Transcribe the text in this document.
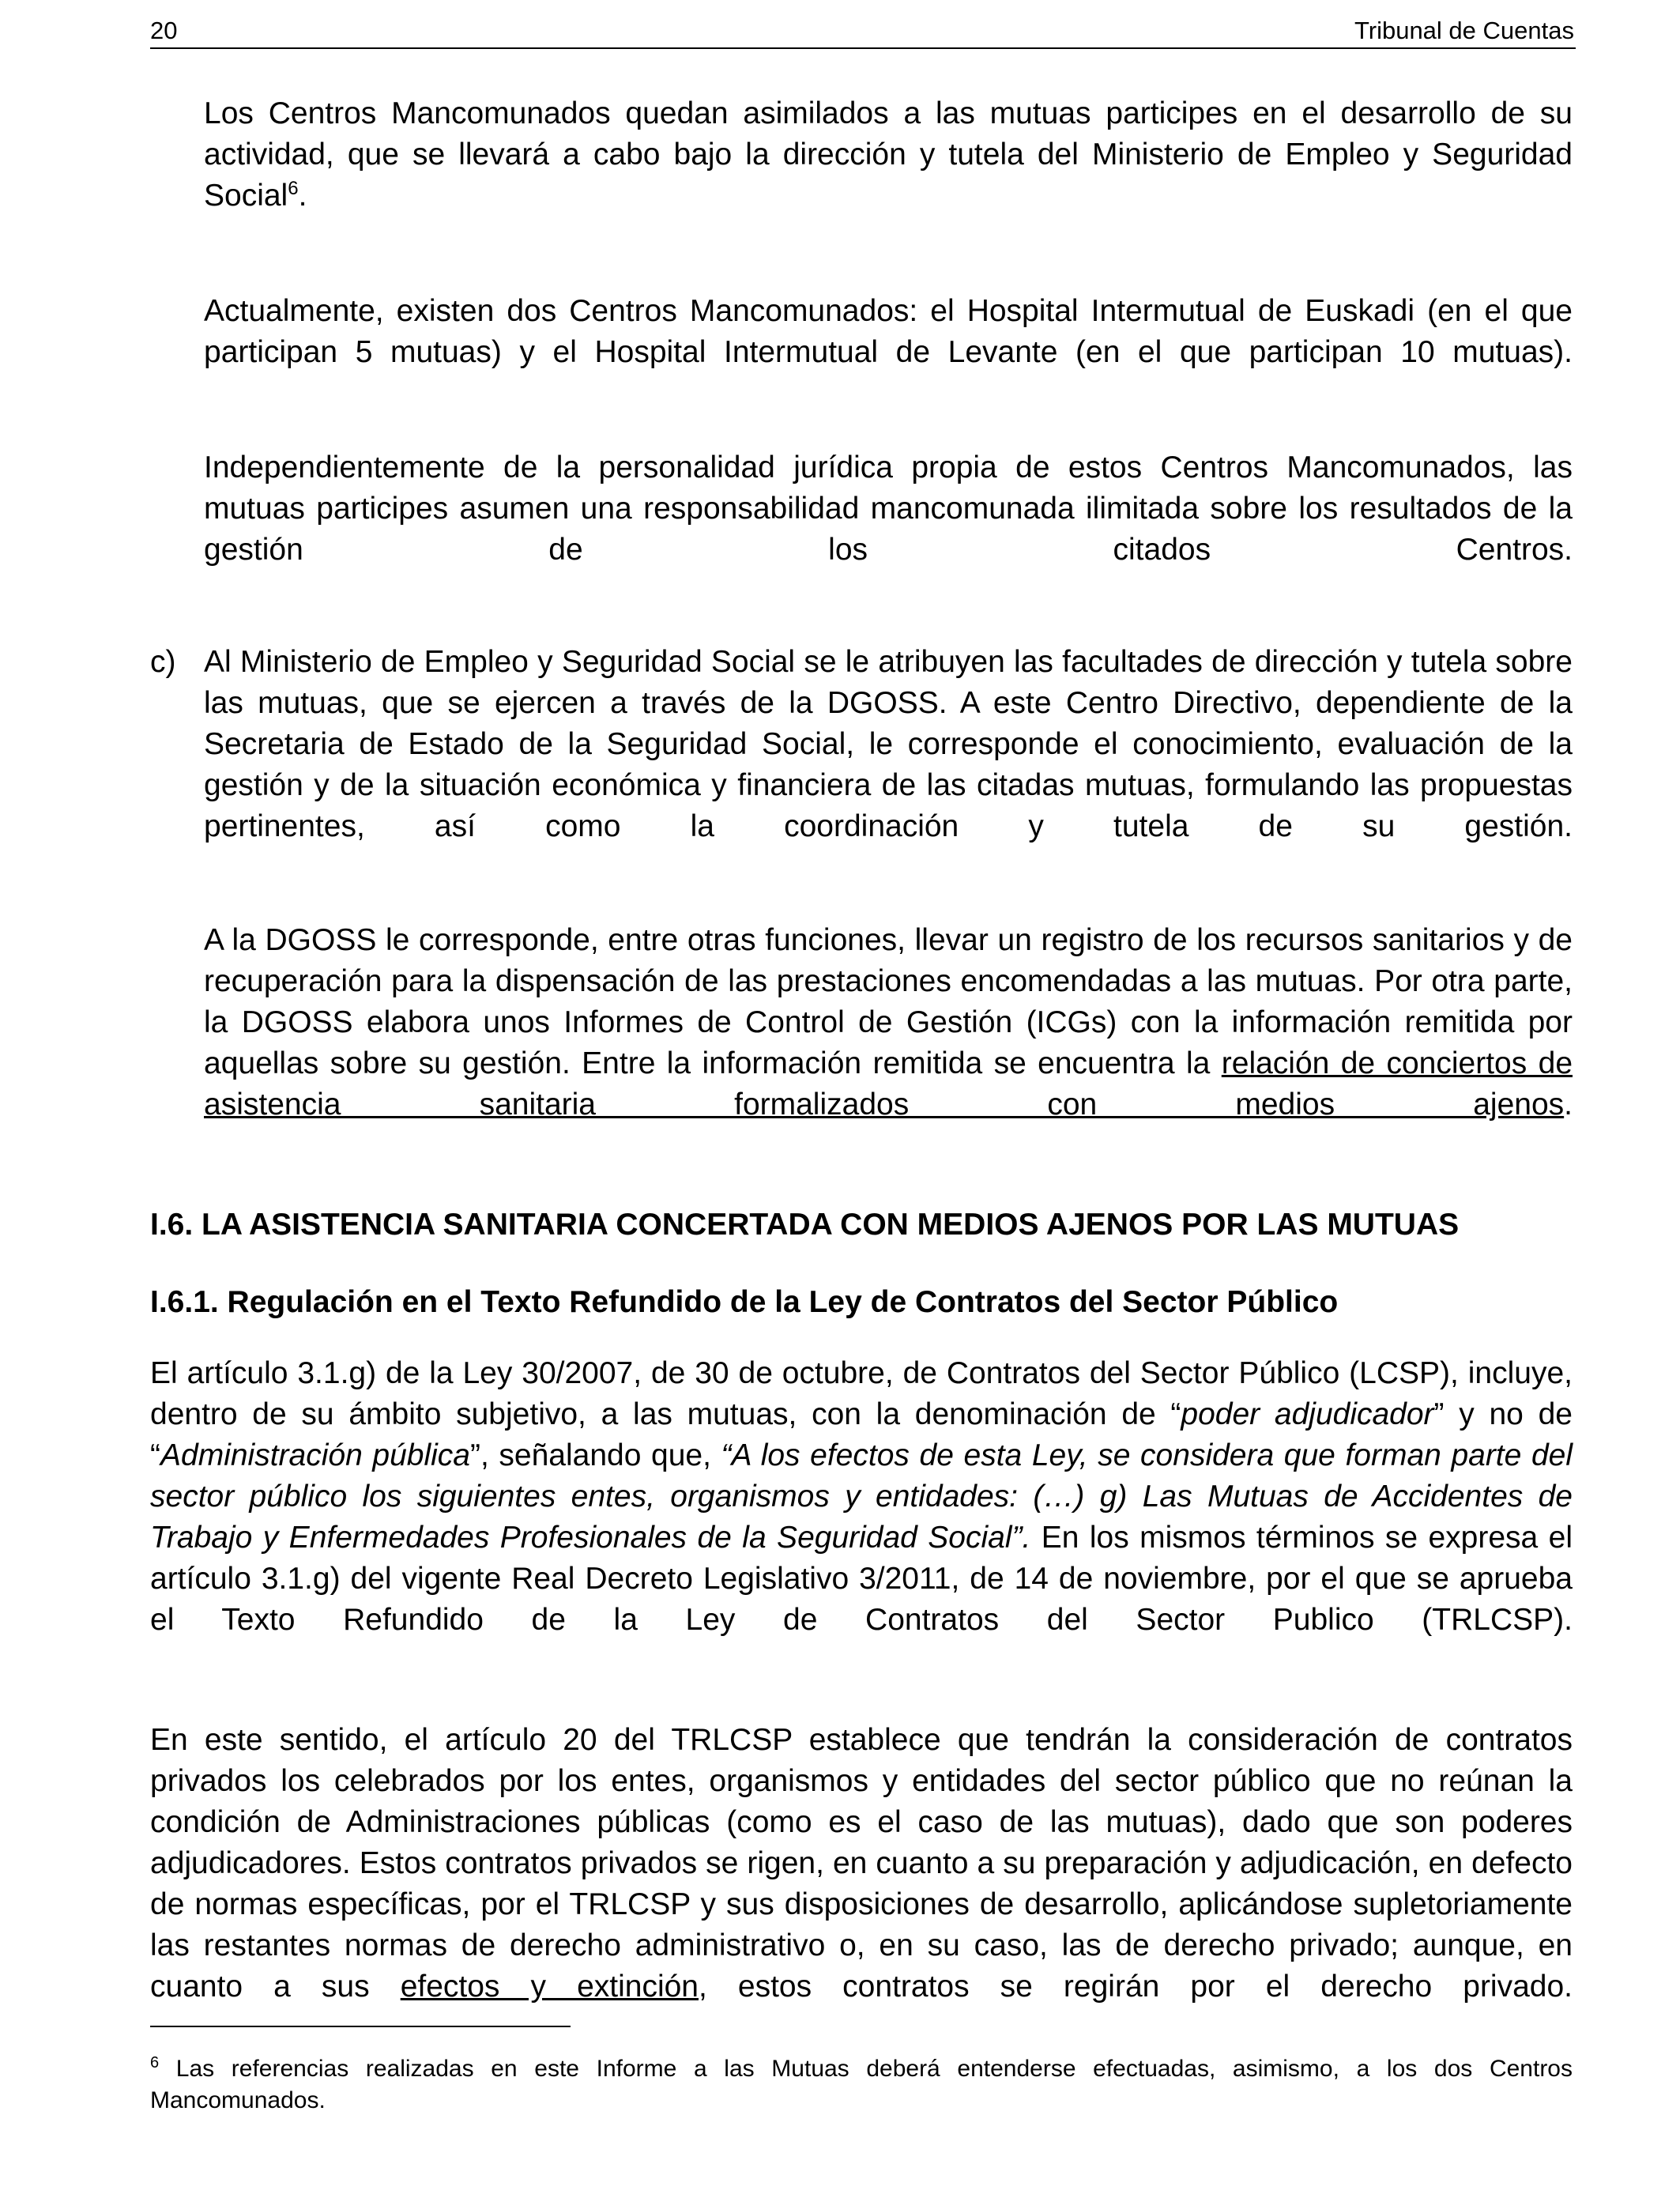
20	Tribunal de Cuentas

Los Centros Mancomunados quedan asimilados a las mutuas participes en el desarrollo de su actividad, que se llevará a cabo bajo la dirección y tutela del Ministerio de Empleo y Seguridad Social$^6$.

Actualmente, existen dos Centros Mancomunados: el Hospital Intermutual de Euskadi (en el que participan 5 mutuas) y el Hospital Intermutual de Levante (en el que participan 10 mutuas).

Independientemente de la personalidad jurídica propia de estos Centros Mancomunados, las mutuas participes asumen una responsabilidad mancomunada ilimitada sobre los resultados de la gestión de los citados Centros.

c) Al Ministerio de Empleo y Seguridad Social se le atribuyen las facultades de dirección y tutela sobre las mutuas, que se ejercen a través de la DGOSS. A este Centro Directivo, dependiente de la Secretaria de Estado de la Seguridad Social, le corresponde el conocimiento, evaluación de la gestión y de la situación económica y financiera de las citadas mutuas, formulando las propuestas pertinentes, así como la coordinación y tutela de su gestión.

A la DGOSS le corresponde, entre otras funciones, llevar un registro de los recursos sanitarios y de recuperación para la dispensación de las prestaciones encomendadas a las mutuas. Por otra parte, la DGOSS elabora unos Informes de Control de Gestión (ICGs) con la información remitida por aquellas sobre su gestión. Entre la información remitida se encuentra la relación de conciertos de asistencia sanitaria formalizados con medios ajenos.

I.6. LA ASISTENCIA SANITARIA CONCERTADA CON MEDIOS AJENOS POR LAS MUTUAS
I.6.1. Regulación en el Texto Refundido de la Ley de Contratos del Sector Público

El artículo 3.1.g) de la Ley 30/2007, de 30 de octubre, de Contratos del Sector Público (LCSP), incluye, dentro de su ámbito subjetivo, a las mutuas, con la denominación de “poder adjudicador” y no de “Administración pública”, señalando que, “A los efectos de esta Ley, se considera que forman parte del sector público los siguientes entes, organismos y entidades: (…) g) Las Mutuas de Accidentes de Trabajo y Enfermedades Profesionales de la Seguridad Social”. En los mismos términos se expresa el artículo 3.1.g) del vigente Real Decreto Legislativo 3/2011, de 14 de noviembre, por el que se aprueba el Texto Refundido de la Ley de Contratos del Sector Publico (TRLCSP).

En este sentido, el artículo 20 del TRLCSP establece que tendrán la consideración de contratos privados los celebrados por los entes, organismos y entidades del sector público que no reúnan la condición de Administraciones públicas (como es el caso de las mutuas), dado que son poderes adjudicadores. Estos contratos privados se rigen, en cuanto a su preparación y adjudicación, en defecto de normas específicas, por el TRLCSP y sus disposiciones de desarrollo, aplicándose supletoriamente las restantes normas de derecho administrativo o, en su caso, las de derecho privado; aunque, en cuanto a sus efectos y extinción, estos contratos se regirán por el derecho privado.

$^6$ Las referencias realizadas en este Informe a las Mutuas deberá entenderse efectuadas, asimismo, a los dos Centros Mancomunados.
